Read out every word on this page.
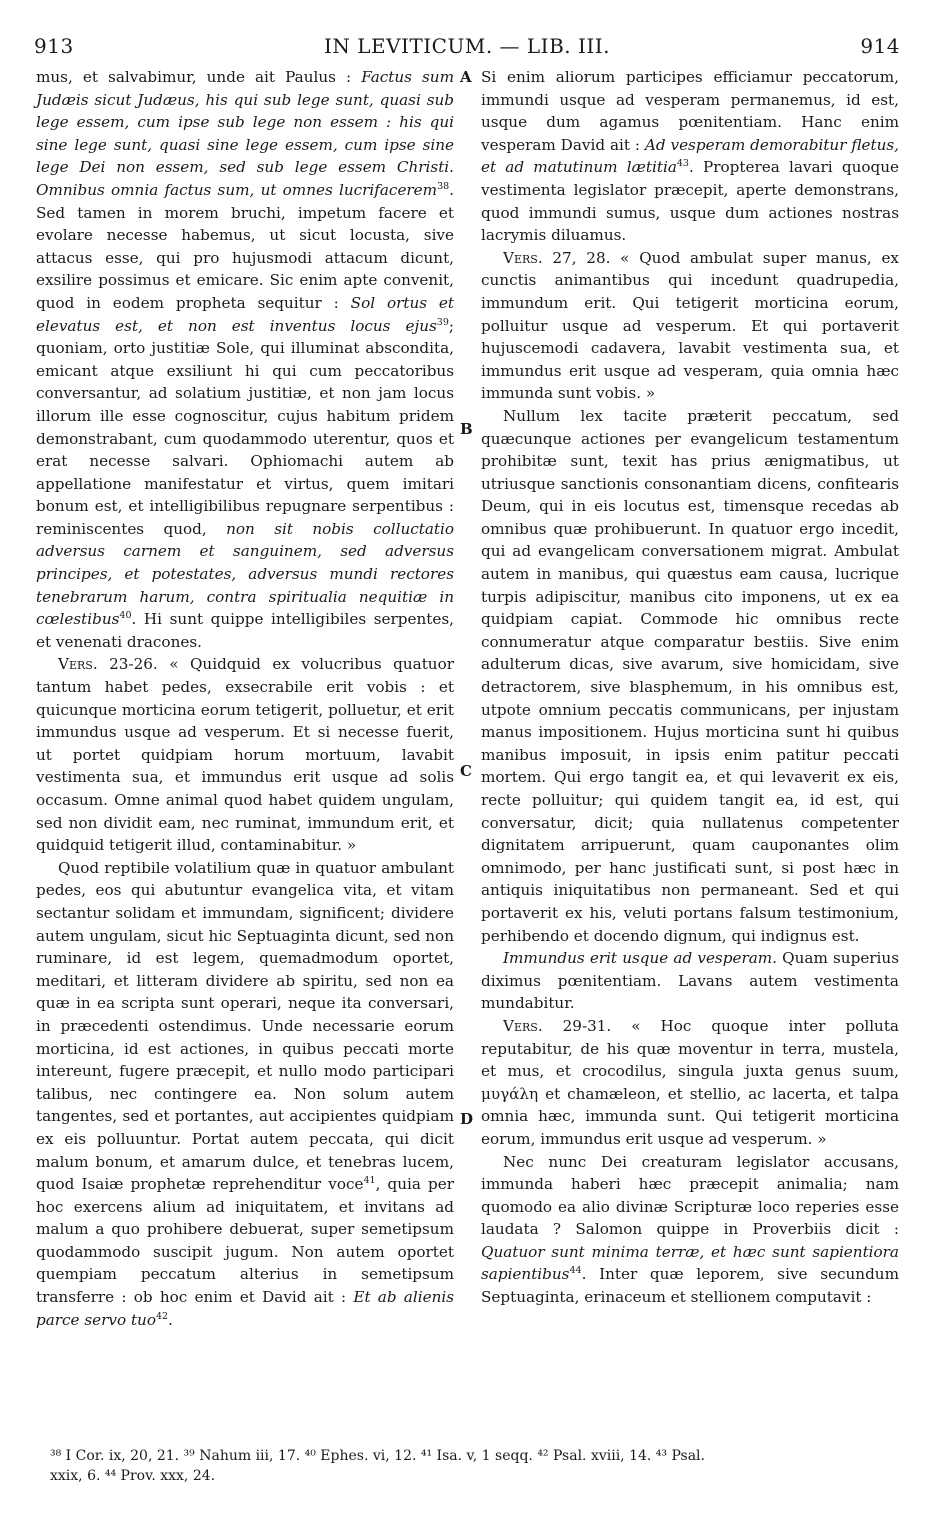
913	IN LEVITICUM. — LIB. III.	914
A
B
C
D

mus, et salvabimur, unde ait Paulus : Factus sum Judæis sicut Judæus, his qui sub lege sunt, quasi sub lege essem, cum ipse sub lege non essem : his qui sine lege sunt, quasi sine lege essem, cum ipse sine lege Dei non essem, sed sub lege essem Christi. Omnibus omnia factus sum, ut omnes lucrifacerem$^{38}$. Sed tamen in morem bruchi, impetum facere et evolare necesse habemus, ut sicut locusta, sive attacus esse, qui pro hujusmodi attacum dicunt, exsilire possimus et emicare. Sic enim apte convenit, quod in eodem propheta sequitur : Sol ortus et elevatus est, et non est inventus locus ejus$^{39}$; quoniam, orto justitiæ Sole, qui illuminat abscondita, emicant atque exsiliunt hi qui cum peccatoribus conversantur, ad solatium justitiæ, et non jam locus illorum ille esse cognoscitur, cujus habitum pridem demonstrabant, cum quodammodo uterentur, quos et erat necesse salvari. Ophiomachi autem ab appellatione manifestatur et virtus, quem imitari bonum est, et intelligibilibus repugnare serpentibus : reminiscentes quod, non sit nobis colluctatio adversus carnem et sanguinem, sed adversus principes, et potestates, adversus mundi rectores tenebrarum harum, contra spiritualia nequitiæ in cœlestibus$^{40}$. Hi sunt quippe intelligibiles serpentes, et venenati dracones.

Vers. 23-26. « Quidquid ex volucribus quatuor tantum habet pedes, exsecrabile erit vobis : et quicunque morticina eorum tetigerit, polluetur, et erit immundus usque ad vesperum. Et si necesse fuerit, ut portet quidpiam horum mortuum, lavabit vestimenta sua, et immundus erit usque ad solis occasum. Omne animal quod habet quidem ungulam, sed non dividit eam, nec ruminat, immundum erit, et quidquid tetigerit illud, contaminabitur. »

Quod reptibile volatilium quæ in quatuor ambulant pedes, eos qui abutuntur evangelica vita, et vitam sectantur solidam et immundam, significent; dividere autem ungulam, sicut hic Septuaginta dicunt, sed non ruminare, id est legem, quemadmodum oportet, meditari, et litteram dividere ab spiritu, sed non ea quæ in ea scripta sunt operari, neque ita conversari, in præcedenti ostendimus. Unde necessarie eorum morticina, id est actiones, in quibus peccati morte intereunt, fugere præcepit, et nullo modo participari talibus, nec contingere ea. Non solum autem tangentes, sed et portantes, aut accipientes quidpiam ex eis polluuntur. Portat autem peccata, qui dicit malum bonum, et amarum dulce, et tenebras lucem, quod Isaiæ prophetæ reprehenditur voce$^{41}$, quia per hoc exercens alium ad iniquitatem, et invitans ad malum a quo prohibere debuerat, super semetipsum quodammodo suscipit jugum. Non autem oportet quempiam peccatum alterius in semetipsum transferre : ob hoc enim et David ait : Et ab alienis parce servo tuo$^{42}$.

Si enim aliorum participes efficiamur peccatorum, immundi usque ad vesperam permanemus, id est, usque dum agamus pœnitentiam. Hanc enim vesperam David ait : Ad vesperam demorabitur fletus, et ad matutinum lætitia$^{43}$. Propterea lavari quoque vestimenta legislator præcepit, aperte demonstrans, quod immundi sumus, usque dum actiones nostras lacrymis diluamus.

Vers. 27, 28. « Quod ambulat super manus, ex cunctis animantibus qui incedunt quadrupedia, immundum erit. Qui tetigerit morticina eorum, polluitur usque ad vesperum. Et qui portaverit hujuscemodi cadavera, lavabit vestimenta sua, et immundus erit usque ad vesperam, quia omnia hæc immunda sunt vobis. »

Nullum lex tacite præterit peccatum, sed quæcunque actiones per evangelicum testamentum prohibitæ sunt, texit has prius ænigmatibus, ut utriusque sanctionis consonantiam dicens, confitearis Deum, qui in eis locutus est, timensque recedas ab omnibus quæ prohibuerunt. In quatuor ergo incedit, qui ad evangelicam conversationem migrat. Ambulat autem in manibus, qui quæstus eam causa, lucrique turpis adipiscitur, manibus cito imponens, ut ex ea quidpiam capiat. Commode hic omnibus recte connumeratur atque comparatur bestiis. Sive enim adulterum dicas, sive avarum, sive homicidam, sive detractorem, sive blasphemum, in his omnibus est, utpote omnium peccatis communicans, per injustam manus impositionem. Hujus morticina sunt hi quibus manibus imposuit, in ipsis enim patitur peccati mortem. Qui ergo tangit ea, et qui levaverit ex eis, recte polluitur; qui quidem tangit ea, id est, qui conversatur, dicit; quia nullatenus competenter dignitatem arripuerunt, quam cauponantes olim omnimodo, per hanc justificati sunt, si post hæc in antiquis iniquitatibus non permaneant. Sed et qui portaverit ex his, veluti portans falsum testimonium, perhibendo et docendo dignum, qui indignus est.

Immundus erit usque ad vesperam. Quam superius diximus pœnitentiam. Lavans autem vestimenta mundabitur.

Vers. 29-31. « Hoc quoque inter polluta reputabitur, de his quæ moventur in terra, mustela, et mus, et crocodilus, singula juxta genus suum, μυγάλη et chamæleon, et stellio, ac lacerta, et talpa omnia hæc, immunda sunt. Qui tetigerit morticina eorum, immundus erit usque ad vesperum. »

Nec nunc Dei creaturam legislator accusans, immunda haberi hæc præcepit animalia; nam quomodo ea alio divinæ Scripturæ loco reperies esse laudata ? Salomon quippe in Proverbiis dicit : Quatuor sunt minima terræ, et hæc sunt sapientiora sapientibus$^{44}$. Inter quæ leporem, sive secundum Septuaginta, erinaceum et stellionem computavit :

³⁸ I Cor. ix, 20, 21. ³⁹ Nahum iii, 17. ⁴⁰ Ephes. vi, 12. ⁴¹ Isa. v, 1 seqq. ⁴² Psal. xviii, 14. ⁴³ Psal.
xxix, 6. ⁴⁴ Prov. xxx, 24.
